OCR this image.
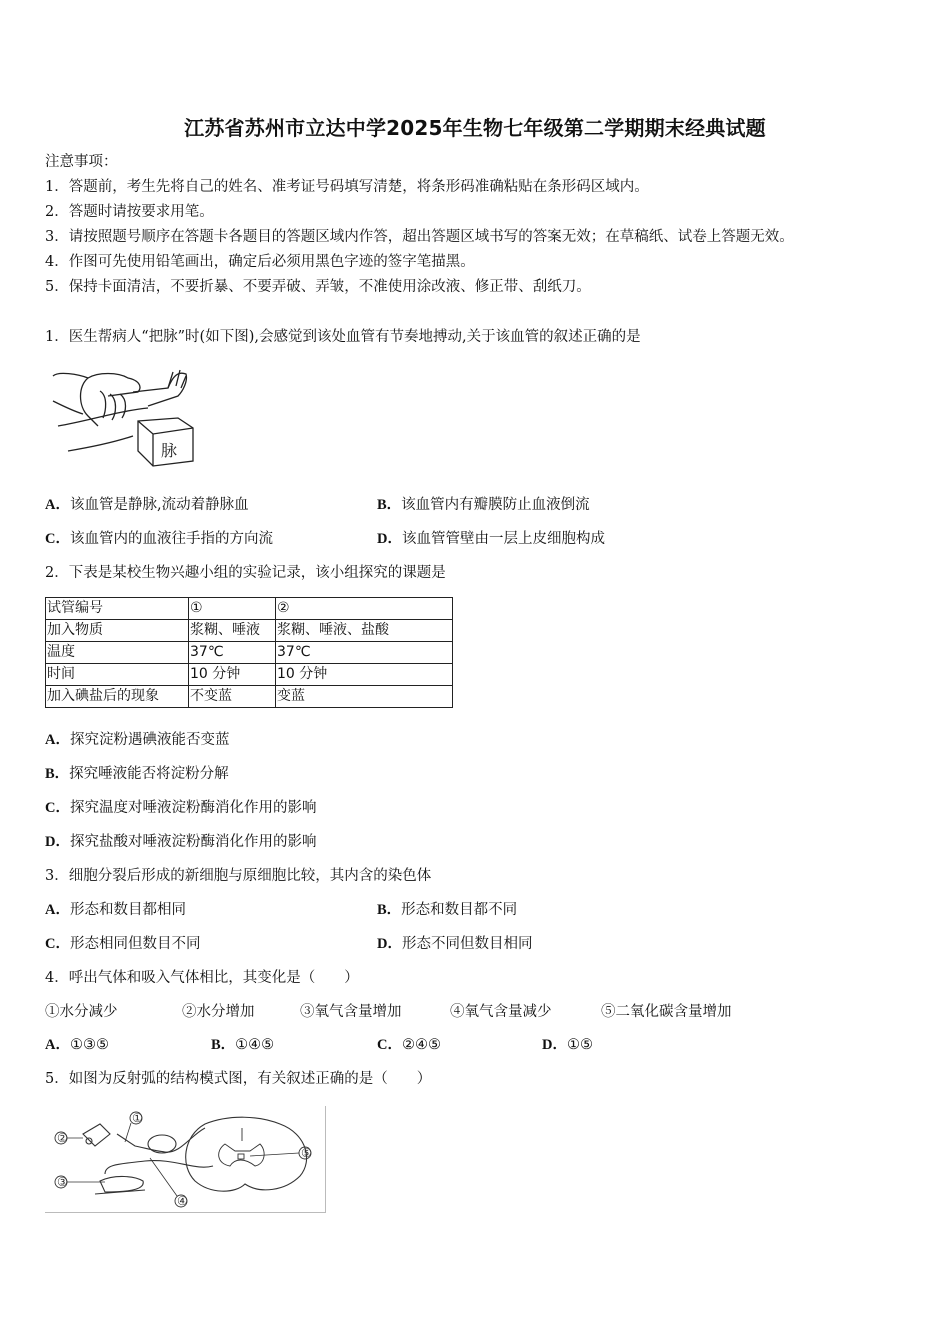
江苏省苏州市立达中学2025年生物七年级第二学期期末经典试题
注意事项：
1．答题前，考生先将自己的姓名、准考证号码填写清楚，将条形码准确粘贴在条形码区域内。
2．答题时请按要求用笔。
3．请按照题号顺序在答题卡各题目的答题区域内作答，超出答题区域书写的答案无效；在草稿纸、试卷上答题无效。
4．作图可先使用铅笔画出，确定后必须用黑色字迹的签字笔描黑。
5．保持卡面清洁，不要折暴、不要弄破、弄皱，不准使用涂改液、修正带、刮纸刀。
1．医生帮病人“把脉”时(如下图),会感觉到该处血管有节奏地搏动,关于该血管的叙述正确的是
脉
A．该血管是静脉,流动着静脉血	B．该血管内有瓣膜防止血液倒流
C．该血管内的血液往手指的方向流	D．该血管管壁由一层上皮细胞构成
2．下表是某校生物兴趣小组的实验记录，该小组探究的课题是
试管编号	①	②
加入物质	浆糊、唾液	浆糊、唾液、盐酸
温度	37℃	37℃
时间	10 分钟	10 分钟
加入碘盐后的现象	不变蓝	变蓝
A．探究淀粉遇碘液能否变蓝
B．探究唾液能否将淀粉分解
C．探究温度对唾液淀粉酶消化作用的影响
D．探究盐酸对唾液淀粉酶消化作用的影响
3．细胞分裂后形成的新细胞与原细胞比较，其内含的染色体
A．形态和数目都相同	B．形态和数目都不同
C．形态相同但数目不同	D．形态不同但数目相同
4．呼出气体和吸入气体相比，其变化是（　　）
①水分减少	②水分增加	③氧气含量增加	④氧气含量减少	⑤二氧化碳含量增加
A．①③⑤	B．①④⑤	C．②④⑤	D．①⑤
5．如图为反射弧的结构模式图，有关叙述正确的是（　　）
①
②
③
④
⑤
